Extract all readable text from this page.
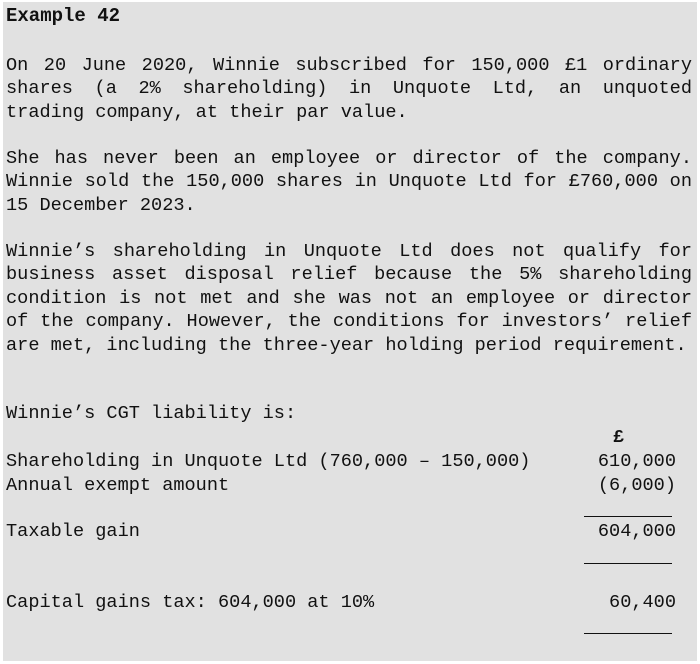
Example 42

On 20 June 2020, Winnie subscribed for 150,000 £1 ordinary shares (a 2% shareholding) in Unquote Ltd, an unquoted trading company, at their par value.

She has never been an employee or director of the company. Winnie sold the 150,000 shares in Unquote Ltd for £760,000 on 15 December 2023.

Winnie’s shareholding in Unquote Ltd does not qualify for business asset disposal relief because the 5% shareholding condition is not met and she was not an employee or director of the company. However, the conditions for investors’ relief are met, including the three-year holding period requirement.

Winnie’s CGT liability is:

£
Shareholding in Unquote Ltd (760,000 – 150,000)	610,000
Annual exempt amount	(6,000)
Taxable gain	604,000
Capital gains tax: 604,000 at 10%	60,400
